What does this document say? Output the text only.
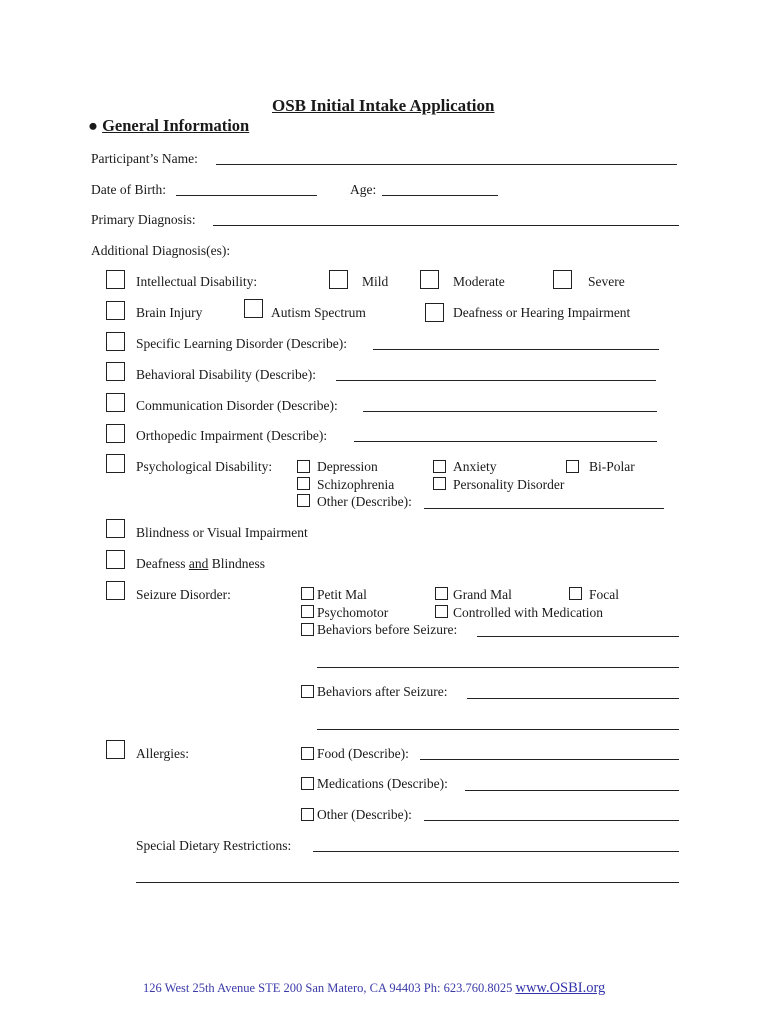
OSB Initial Intake Application
● General Information
Participant’s Name:
Date of Birth:	Age:
Primary Diagnosis:
Additional Diagnosis(es):
Intellectual Disability:	Mild	Moderate	Severe
Brain Injury	Autism Spectrum	Deafness or Hearing Impairment
Specific Learning Disorder (Describe):
Behavioral Disability (Describe):
Communication Disorder (Describe):
Orthopedic Impairment (Describe):
Psychological Disability:	Depression	Anxiety	Bi-Polar
Schizophrenia	Personality Disorder
Other (Describe):
Blindness or Visual Impairment
Deafness and Blindness
Seizure Disorder:	Petit Mal	Grand Mal	Focal
Psychomotor	Controlled with Medication
Behaviors before Seizure:
Behaviors after Seizure:
Allergies:	Food (Describe):
Medications (Describe):
Other (Describe):
Special Dietary Restrictions:
126 West 25th Avenue STE 200 San Matero, CA 94403 Ph: 623.760.8025 www.OSBI.org
